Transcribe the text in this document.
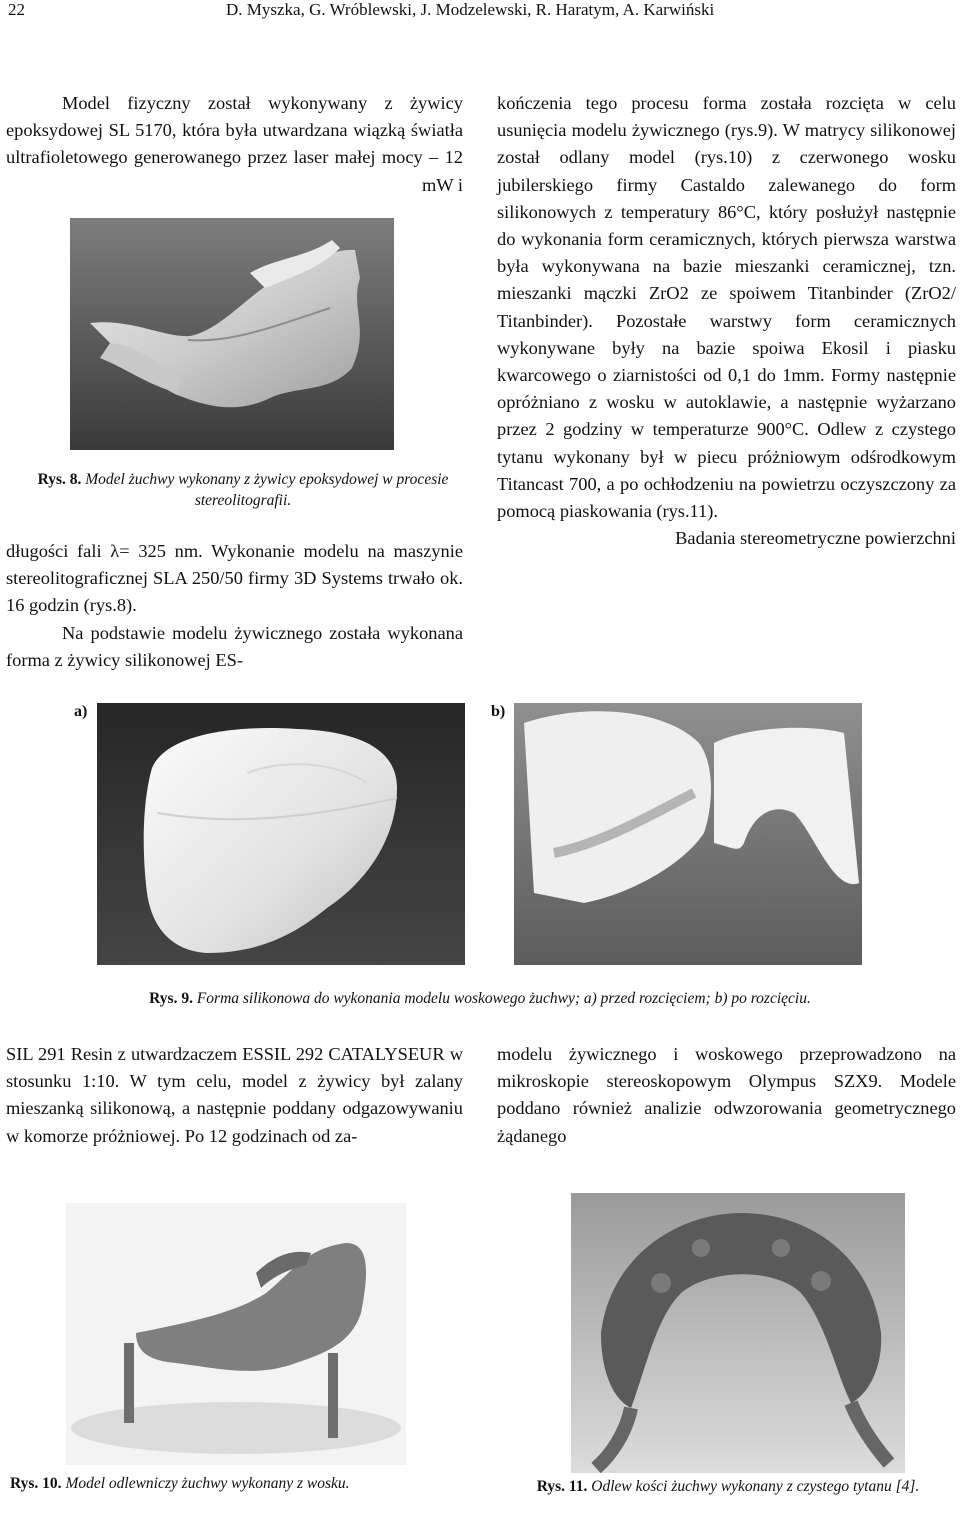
22	D. Myszka, G. Wróblewski, J. Modzelewski, R. Haratym, A. Karwiński

Model fizyczny został wykonywany z żywicy epoksydowej SL 5170, która była utwardzana wiązką światła ultrafioletowego generowanego przez laser małej mocy – 12 mW i

Rys. 8. Model żuchwy wykonany z żywicy epoksydowej w procesie stereolitografii.

długości fali λ= 325 nm. Wykonanie modelu na maszynie stereolitograficznej SLA 250/50 firmy 3D Systems trwało ok. 16 godzin (rys.8).

Na podstawie modelu żywicznego została wykonana forma z żywicy silikonowej ES-

kończenia tego procesu forma została rozcięta w celu usunięcia modelu żywicznego (rys.9). W matrycy silikonowej został odlany model (rys.10) z czerwonego wosku jubilerskiego firmy Castaldo zalewanego do form silikonowych z temperatury 86°C, który posłużył następnie do wykonania form ceramicznych, których pierwsza warstwa była wykonywana na bazie mieszanki ceramicznej, tzn. mieszanki mączki ZrO2 ze spoiwem Titanbinder (ZrO2/ Titanbinder). Pozostałe warstwy form ceramicznych wykonywane były na bazie spoiwa Ekosil i piasku kwarcowego o ziarnistości od 0,1 do 1mm. Formy następnie opróżniano z wosku w autoklawie, a następnie wyżarzano przez 2 godziny w temperaturze 900°C. Odlew z czystego tytanu wykonany był w piecu próżniowym odśrodkowym Titancast 700, a po ochłodzeniu na powietrzu oczyszczony za pomocą piaskowania (rys.11).

Badania stereometryczne powierzchni

a)	b)
Rys. 9. Forma silikonowa do wykonania modelu woskowego żuchwy; a) przed rozcięciem; b) po rozcięciu.

SIL 291 Resin z utwardzaczem ESSIL 292 CATALYSEUR w stosunku 1:10. W tym celu, model z żywicy był zalany mieszanką silikonową, a następnie poddany odgazowywaniu w komorze próżniowej. Po 12 godzinach od za-

modelu żywicznego i woskowego przeprowadzono na mikroskopie stereoskopowym Olympus SZX9. Modele poddano również analizie odwzorowania geometrycznego żądanego

Rys. 10. Model odlewniczy żuchwy wykonany z wosku.	Rys. 11. Odlew kości żuchwy wykonany z czystego tytanu [4].
